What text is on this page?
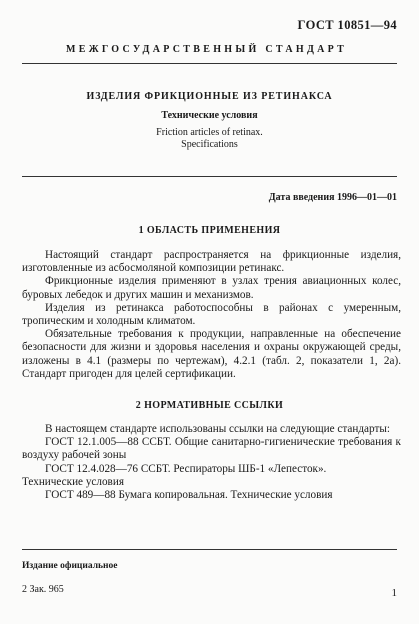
ГОСТ 10851—94
МЕЖГОСУДАРСТВЕННЫЙ СТАНДАРТ
ИЗДЕЛИЯ ФРИКЦИОННЫЕ ИЗ РЕТИНАКСА
Технические условия
Friction articles of retinax.
Specifications
Дата введения 1996—01—01
1 ОБЛАСТЬ ПРИМЕНЕНИЯ

Настоящий стандарт распространяется на фрикционные изделия, изготовленные из асбосмоляной композиции ретинакс.

Фрикционные изделия применяют в узлах трения авиационных колес, буровых лебедок и других машин и механизмов.

Изделия из ретинакса работоспособны в районах с умеренным, тропическим и холодным климатом.

Обязательные требования к продукции, направленные на обеспечение безопасности для жизни и здоровья населения и охраны окружающей среды, изложены в 4.1 (размеры по чертежам), 4.2.1 (табл. 2, показатели 1, 2а). Стандарт пригоден для целей сертификации.

2 НОРМАТИВНЫЕ ССЫЛКИ

В настоящем стандарте использованы ссылки на следующие стандарты:

ГОСТ 12.1.005—88 ССБТ. Общие санитарно-гигиенические требования к воздуху рабочей зоны

ГОСТ 12.4.028—76 ССБТ. Респираторы ШБ-1 «Лепесток».

Технические условия

ГОСТ 489—88 Бумага копировальная. Технические условия

Издание официальное
2 Зак. 965	1
